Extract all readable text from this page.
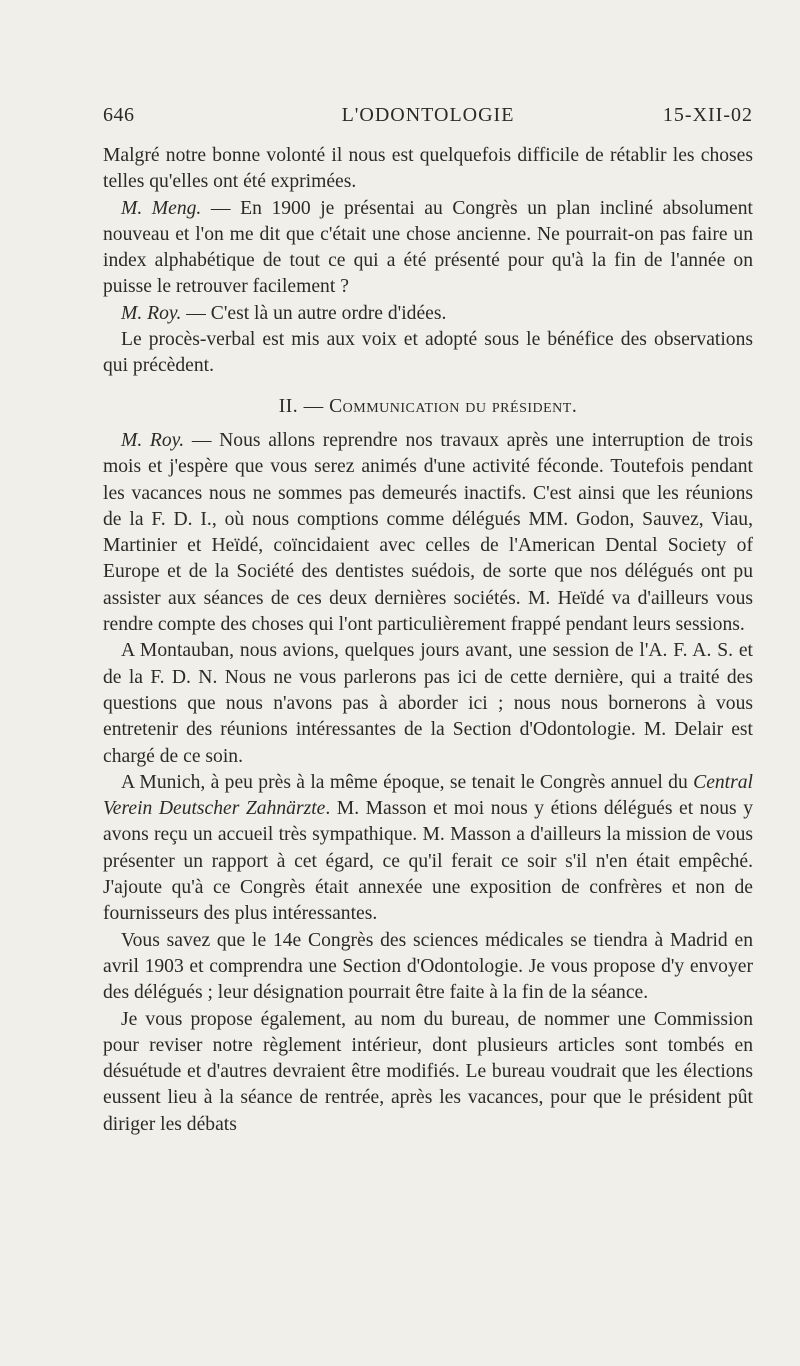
646	L'ODONTOLOGIE	15-XII-02

Malgré notre bonne volonté il nous est quelquefois difficile de rétablir les choses telles qu'elles ont été exprimées.

M. Meng. — En 1900 je présentai au Congrès un plan incliné absolument nouveau et l'on me dit que c'était une chose ancienne. Ne pourrait-on pas faire un index alphabétique de tout ce qui a été présenté pour qu'à la fin de l'année on puisse le retrouver facilement ?

M. Roy. — C'est là un autre ordre d'idées.

Le procès-verbal est mis aux voix et adopté sous le bénéfice des observations qui précèdent.

II. — Communication du président.

M. Roy. — Nous allons reprendre nos travaux après une interruption de trois mois et j'espère que vous serez animés d'une activité féconde. Toutefois pendant les vacances nous ne sommes pas demeurés inactifs. C'est ainsi que les réunions de la F. D. I., où nous comptions comme délégués MM. Godon, Sauvez, Viau, Martinier et Heïdé, coïncidaient avec celles de l'American Dental Society of Europe et de la Société des dentistes suédois, de sorte que nos délégués ont pu assister aux séances de ces deux dernières sociétés. M. Heïdé va d'ailleurs vous rendre compte des choses qui l'ont particulièrement frappé pendant leurs sessions.

A Montauban, nous avions, quelques jours avant, une session de l'A. F. A. S. et de la F. D. N. Nous ne vous parlerons pas ici de cette dernière, qui a traité des questions que nous n'avons pas à aborder ici ; nous nous bornerons à vous entretenir des réunions intéressantes de la Section d'Odontologie. M. Delair est chargé de ce soin.

A Munich, à peu près à la même époque, se tenait le Congrès annuel du Central Verein Deutscher Zahnärzte. M. Masson et moi nous y étions délégués et nous y avons reçu un accueil très sympathique. M. Masson a d'ailleurs la mission de vous présenter un rapport à cet égard, ce qu'il ferait ce soir s'il n'en était empêché. J'ajoute qu'à ce Congrès était annexée une exposition de confrères et non de fournisseurs des plus intéressantes.

Vous savez que le 14e Congrès des sciences médicales se tiendra à Madrid en avril 1903 et comprendra une Section d'Odontologie. Je vous propose d'y envoyer des délégués ; leur désignation pourrait être faite à la fin de la séance.

Je vous propose également, au nom du bureau, de nommer une Commission pour reviser notre règlement intérieur, dont plusieurs articles sont tombés en désuétude et d'autres devraient être modifiés. Le bureau voudrait que les élections eussent lieu à la séance de rentrée, après les vacances, pour que le président pût diriger les débats
